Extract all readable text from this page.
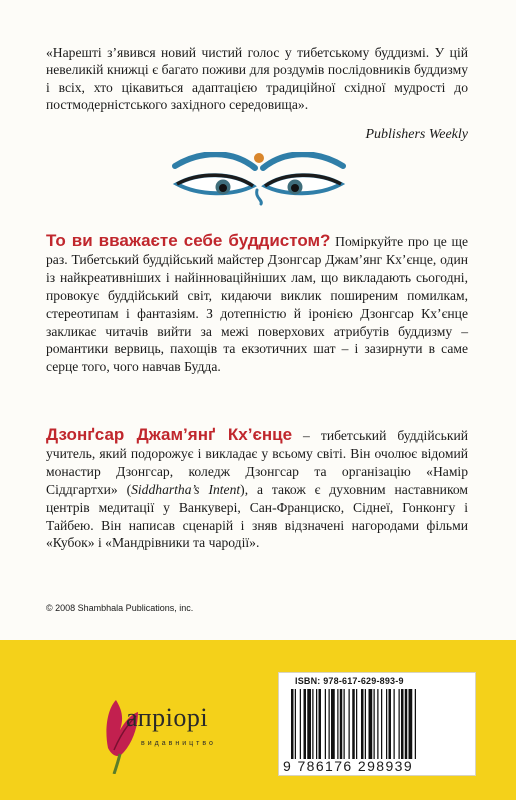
«Нарешті з’явився новий чистий голос у тибетському буддизмі. У цій невеликій книжці є багато поживи для роздумів послідовників буддизму і всіх, хто цікавиться адаптацією традиційної східної мудрості до постмодерністського західного середовища».
Publishers Weekly
То ви вважаєте себе буддистом? Поміркуйте про це ще раз. Тибетський буддійський майстер Дзонгсар Джам’янг Кх’єнце, один із найкреативніших і найінноваційніших лам, що викладають сьогодні, провокує буддійський світ, кидаючи виклик поширеним помилкам, стереотипам і фантазіям. З дотепністю й іронією Дзонгсар Кх’єнце закликає читачів вийти за межі поверхових атрибутів буддизму – романтики вервиць, пахощів та екзотичних шат – і зазирнути в саме серце того, чого навчав Будда.
Дзонґсар Джам’янґ Кх’єнце – тибетський буддійський учитель, який подорожує і викладає у всьому світі. Він очолює відомий монастир Дзонгсар, коледж Дзонгсар та організацію «Намір Сіддгартхи» (Siddhartha’s Intent), а також є духовним наставником центрів медитації у Ванкувері, Сан-Франциско, Сіднеї, Гонконгу і Тайбею. Він написав сценарій і зняв відзначені нагородами фільми «Кубок» і «Мандрівники та чародії».
© 2008 Shambhala Publications, inc.
апріорі
видавництво
ISBN: 978-617-629-893-9
9 786176 298939
